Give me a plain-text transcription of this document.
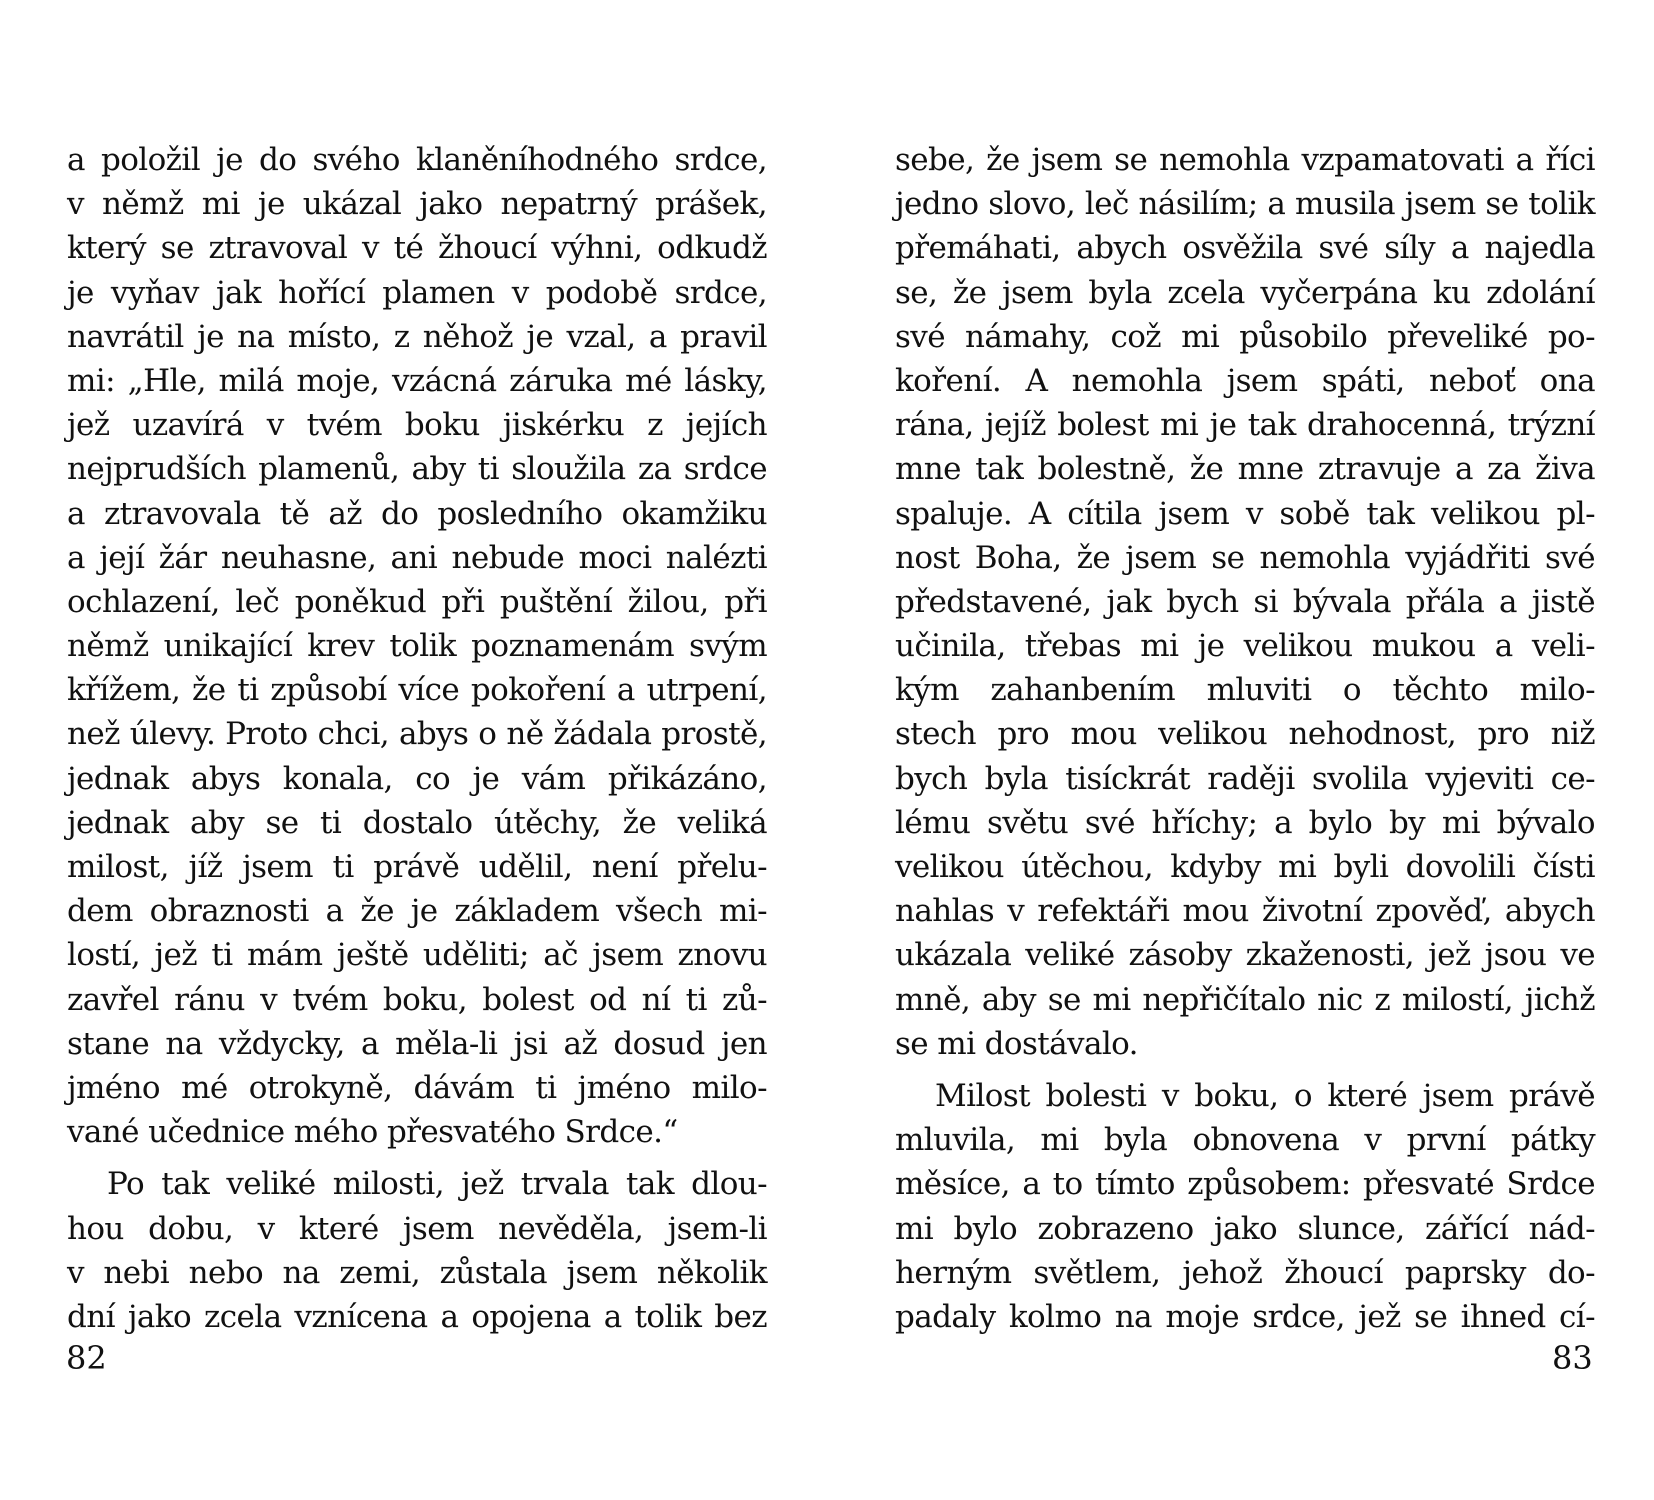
a položil je do svého klaněníhodného srdce,
v němž mi je ukázal jako nepatrný prášek,
který se ztravoval v té žhoucí výhni, odkudž
je vyňav jak hořící plamen v podobě srdce,
navrátil je na místo, z něhož je vzal, a pravil
mi: „Hle, milá moje, vzácná záruka mé lásky,
jež uzavírá v tvém boku jiskérku z jejích
nejprudších plamenů, aby ti sloužila za srdce
a ztravovala tě až do posledního okamžiku
a její žár neuhasne, ani nebude moci nalézti
ochlazení, leč poněkud při puštění žilou, při
němž unikající krev tolik poznamenám svým
křížem, že ti způsobí více pokoření a utrpení,
než úlevy. Proto chci, abys o ně žádala prostě,
jednak abys konala, co je vám přikázáno,
jednak aby se ti dostalo útěchy, že veliká
milost, jíž jsem ti právě udělil, není přelu-
dem obraznosti a že je základem všech mi-
lostí, jež ti mám ještě uděliti; ač jsem znovu
zavřel ránu v tvém boku, bolest od ní ti zů-
stane na vždycky, a měla-li jsi až dosud jen
jméno mé otrokyně, dávám ti jméno milo-
vané učednice mého přesvatého Srdce.“
Po tak veliké milosti, jež trvala tak dlou-
hou dobu, v které jsem nevěděla, jsem-li
v nebi nebo na zemi, zůstala jsem několik
dní jako zcela vznícena a opojena a tolik bez
sebe, že jsem se nemohla vzpamatovati a říci
jedno slovo, leč násilím; a musila jsem se tolik
přemáhati, abych osvěžila své síly a najedla
se, že jsem byla zcela vyčerpána ku zdolání
své námahy, což mi působilo převeliké po-
koření. A nemohla jsem spáti, neboť ona
rána, jejíž bolest mi je tak drahocenná, trýzní
mne tak bolestně, že mne ztravuje a za živa
spaluje. A cítila jsem v sobě tak velikou pl-
nost Boha, že jsem se nemohla vyjádřiti své
představené, jak bych si bývala přála a jistě
učinila, třebas mi je velikou mukou a veli-
kým zahanbením mluviti o těchto milo-
stech pro mou velikou nehodnost, pro niž
bych byla tisíckrát raději svolila vyjeviti ce-
lému světu své hříchy; a bylo by mi bývalo
velikou útěchou, kdyby mi byli dovolili čísti
nahlas v refektáři mou životní zpověď, abych
ukázala veliké zásoby zkaženosti, jež jsou ve
mně, aby se mi nepřičítalo nic z milostí, jichž
se mi dostávalo.
Milost bolesti v boku, o které jsem právě
mluvila, mi byla obnovena v první pátky
měsíce, a to tímto způsobem: přesvaté Srdce
mi bylo zobrazeno jako slunce, zářící nád-
herným světlem, jehož žhoucí paprsky do-
padaly kolmo na moje srdce, jež se ihned cí-
82	83
